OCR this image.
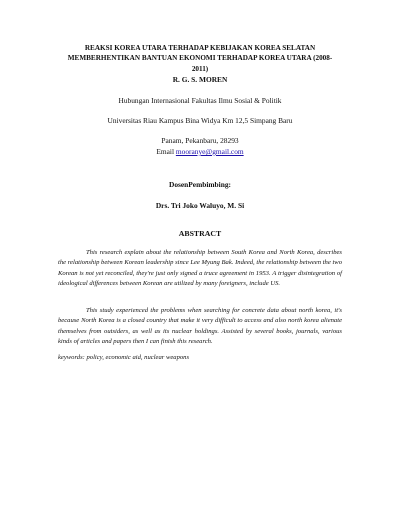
REAKSI KOREA UTARA TERHADAP KEBIJAKAN KOREA SELATAN
MEMBERHENTIKAN BANTUAN EKONOMI TERHADAP KOREA UTARA (2008-
2011)
R. G. S. MOREN
Hubungan Internasional Fakultas Ilmu Sosial & Politik
Universitas Riau Kampus Bina Widya Km 12,5 Simpang Baru
Panam, Pekanbaru, 28293
Email mooranye@gmail.com
DosenPembimbing:
Drs. Tri Joko Waluyo, M. Si
ABSTRACT
This research explain about the relationship between South Korea and North Korea, describes the relationship between Korean leadership since Lee Myung Bak. Indeed, the relationship between the two Korean is not yet reconciled, they're just only signed a truce agreement in 1953. A trigger disintegration of ideological differences between Korean are utilized by many foreigners, include US.
This study experienced the problems when searching for concrete data about north korea, it's because North Korea is a closed country that make it very difficult to access and also north korea alienate themselves from outsiders, as well as its nuclear holdings. Assisted by several books, journals, various kinds of articles and papers then I can finish this research.
keywords: policy, economic aid, nuclear weapons
